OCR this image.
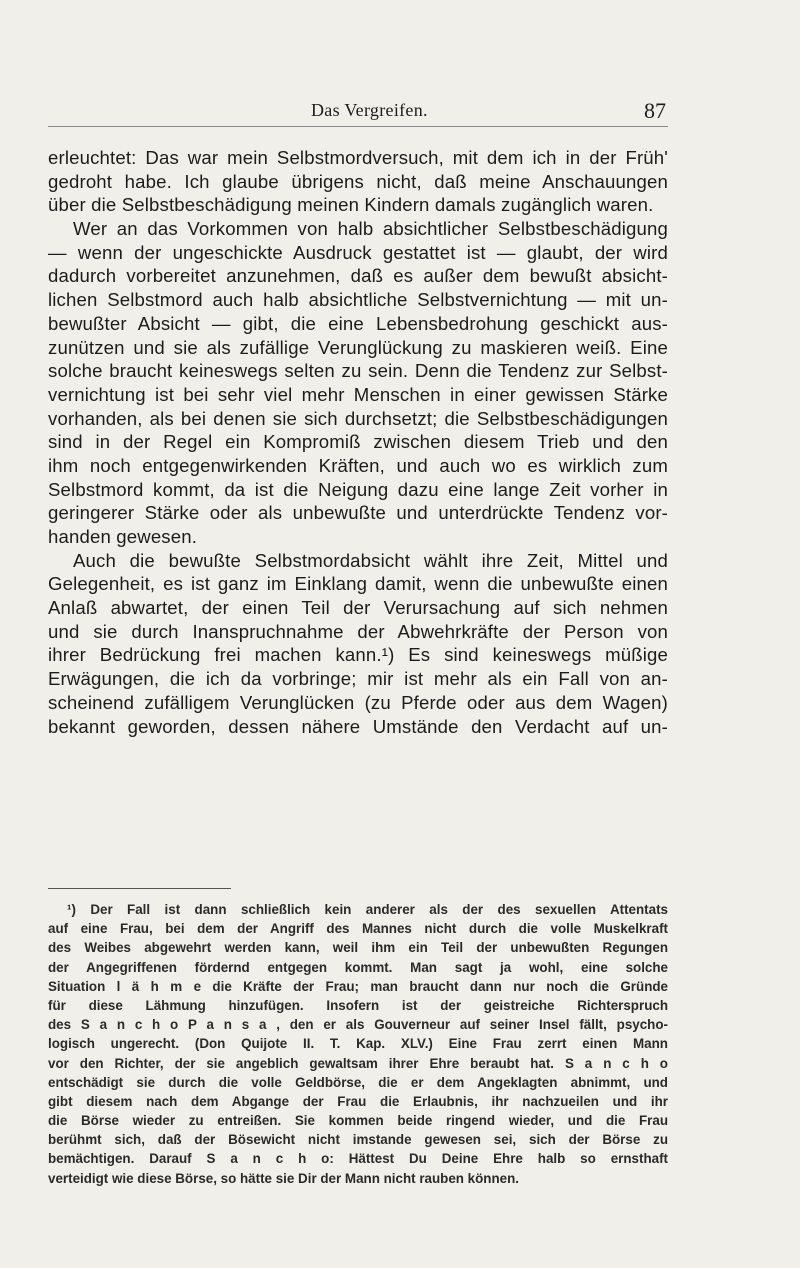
Das Vergreifen.	87
erleuchtet: Das war mein Selbstmordversuch, mit dem ich in der Früh'
gedroht habe. Ich glaube übrigens nicht, daß meine Anschauungen
über die Selbstbeschädigung meinen Kindern damals zugänglich waren.
Wer an das Vorkommen von halb absichtlicher Selbstbeschädigung
— wenn der ungeschickte Ausdruck gestattet ist — glaubt, der wird
dadurch vorbereitet anzunehmen, daß es außer dem bewußt absicht-
lichen Selbstmord auch halb absichtliche Selbstvernichtung — mit un-
bewußter Absicht — gibt, die eine Lebensbedrohung geschickt aus-
zunützen und sie als zufällige Verunglückung zu maskieren weiß. Eine
solche braucht keineswegs selten zu sein. Denn die Tendenz zur Selbst-
vernichtung ist bei sehr viel mehr Menschen in einer gewissen Stärke
vorhanden, als bei denen sie sich durchsetzt; die Selbstbeschädigungen
sind in der Regel ein Kompromiß zwischen diesem Trieb und den
ihm noch entgegenwirkenden Kräften, und auch wo es wirklich zum
Selbstmord kommt, da ist die Neigung dazu eine lange Zeit vorher in
geringerer Stärke oder als unbewußte und unterdrückte Tendenz vor-
handen gewesen.
Auch die bewußte Selbstmordabsicht wählt ihre Zeit, Mittel und
Gelegenheit, es ist ganz im Einklang damit, wenn die unbewußte einen
Anlaß abwartet, der einen Teil der Verursachung auf sich nehmen
und sie durch Inanspruchnahme der Abwehrkräfte der Person von
ihrer Bedrückung frei machen kann.¹) Es sind keineswegs müßige
Erwägungen, die ich da vorbringe; mir ist mehr als ein Fall von an-
scheinend zufälligem Verunglücken (zu Pferde oder aus dem Wagen)
bekannt geworden, dessen nähere Umstände den Verdacht auf un-
¹) Der Fall ist dann schließlich kein anderer als der des sexuellen Attentats
auf eine Frau, bei dem der Angriff des Mannes nicht durch die volle Muskelkraft
des Weibes abgewehrt werden kann, weil ihm ein Teil der unbewußten Regungen
der Angegriffenen fördernd entgegen kommt. Man sagt ja wohl, eine solche
Situation l ä h m e die Kräfte der Frau; man braucht dann nur noch die Gründe
für diese Lähmung hinzufügen. Insofern ist der geistreiche Richterspruch
des S a n c h o P a n s a , den er als Gouverneur auf seiner Insel fällt, psycho-
logisch ungerecht. (Don Quijote II. T. Kap. XLV.) Eine Frau zerrt einen Mann
vor den Richter, der sie angeblich gewaltsam ihrer Ehre beraubt hat. S a n c h o
entschädigt sie durch die volle Geldbörse, die er dem Angeklagten abnimmt, und
gibt diesem nach dem Abgange der Frau die Erlaubnis, ihr nachzueilen und ihr
die Börse wieder zu entreißen. Sie kommen beide ringend wieder, und die Frau
berühmt sich, daß der Bösewicht nicht imstande gewesen sei, sich der Börse zu
bemächtigen. Darauf S a n c h o: Hättest Du Deine Ehre halb so ernsthaft
verteidigt wie diese Börse, so hätte sie Dir der Mann nicht rauben können.
